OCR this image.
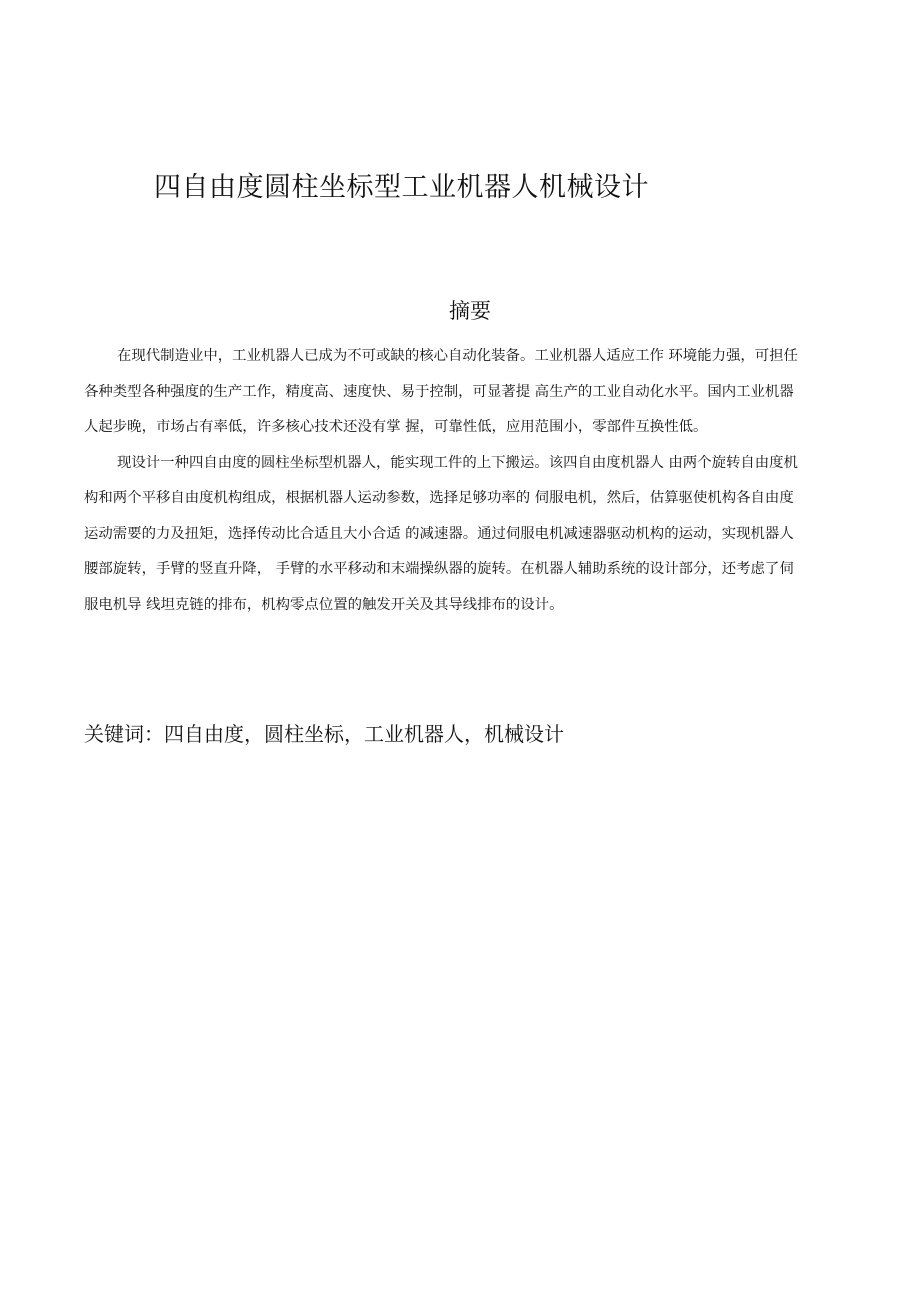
四自由度圆柱坐标型工业机器人机械设计
摘要
在现代制造业中，工业机器人已成为不可或缺的核心自动化装备。工业机器人适应工作 环境能力强，可担任
各种类型各种强度的生产工作，精度高、速度快、易于控制，可显著提 高生产的工业自动化水平。国内工业机器
人起步晚，市场占有率低，许多核心技术还没有掌 握，可靠性低，应用范围小，零部件互换性低。
现设计一种四自由度的圆柱坐标型机器人，能实现工件的上下搬运。该四自由度机器人 由两个旋转自由度机
构和两个平移自由度机构组成，根据机器人运动参数，选择足够功率的 伺服电机，然后，估算驱使机构各自由度
运动需要的力及扭矩，选择传动比合适且大小合适 的减速器。通过伺服电机减速器驱动机构的运动，实现机器人
腰部旋转，手臂的竖直升降， 手臂的水平移动和末端操纵器的旋转。在机器人辅助系统的设计部分，还考虑了伺
服电机导 线坦克链的排布，机构零点位置的触发开关及其导线排布的设计。
关键词：四自由度，圆柱坐标，工业机器人，机械设计
